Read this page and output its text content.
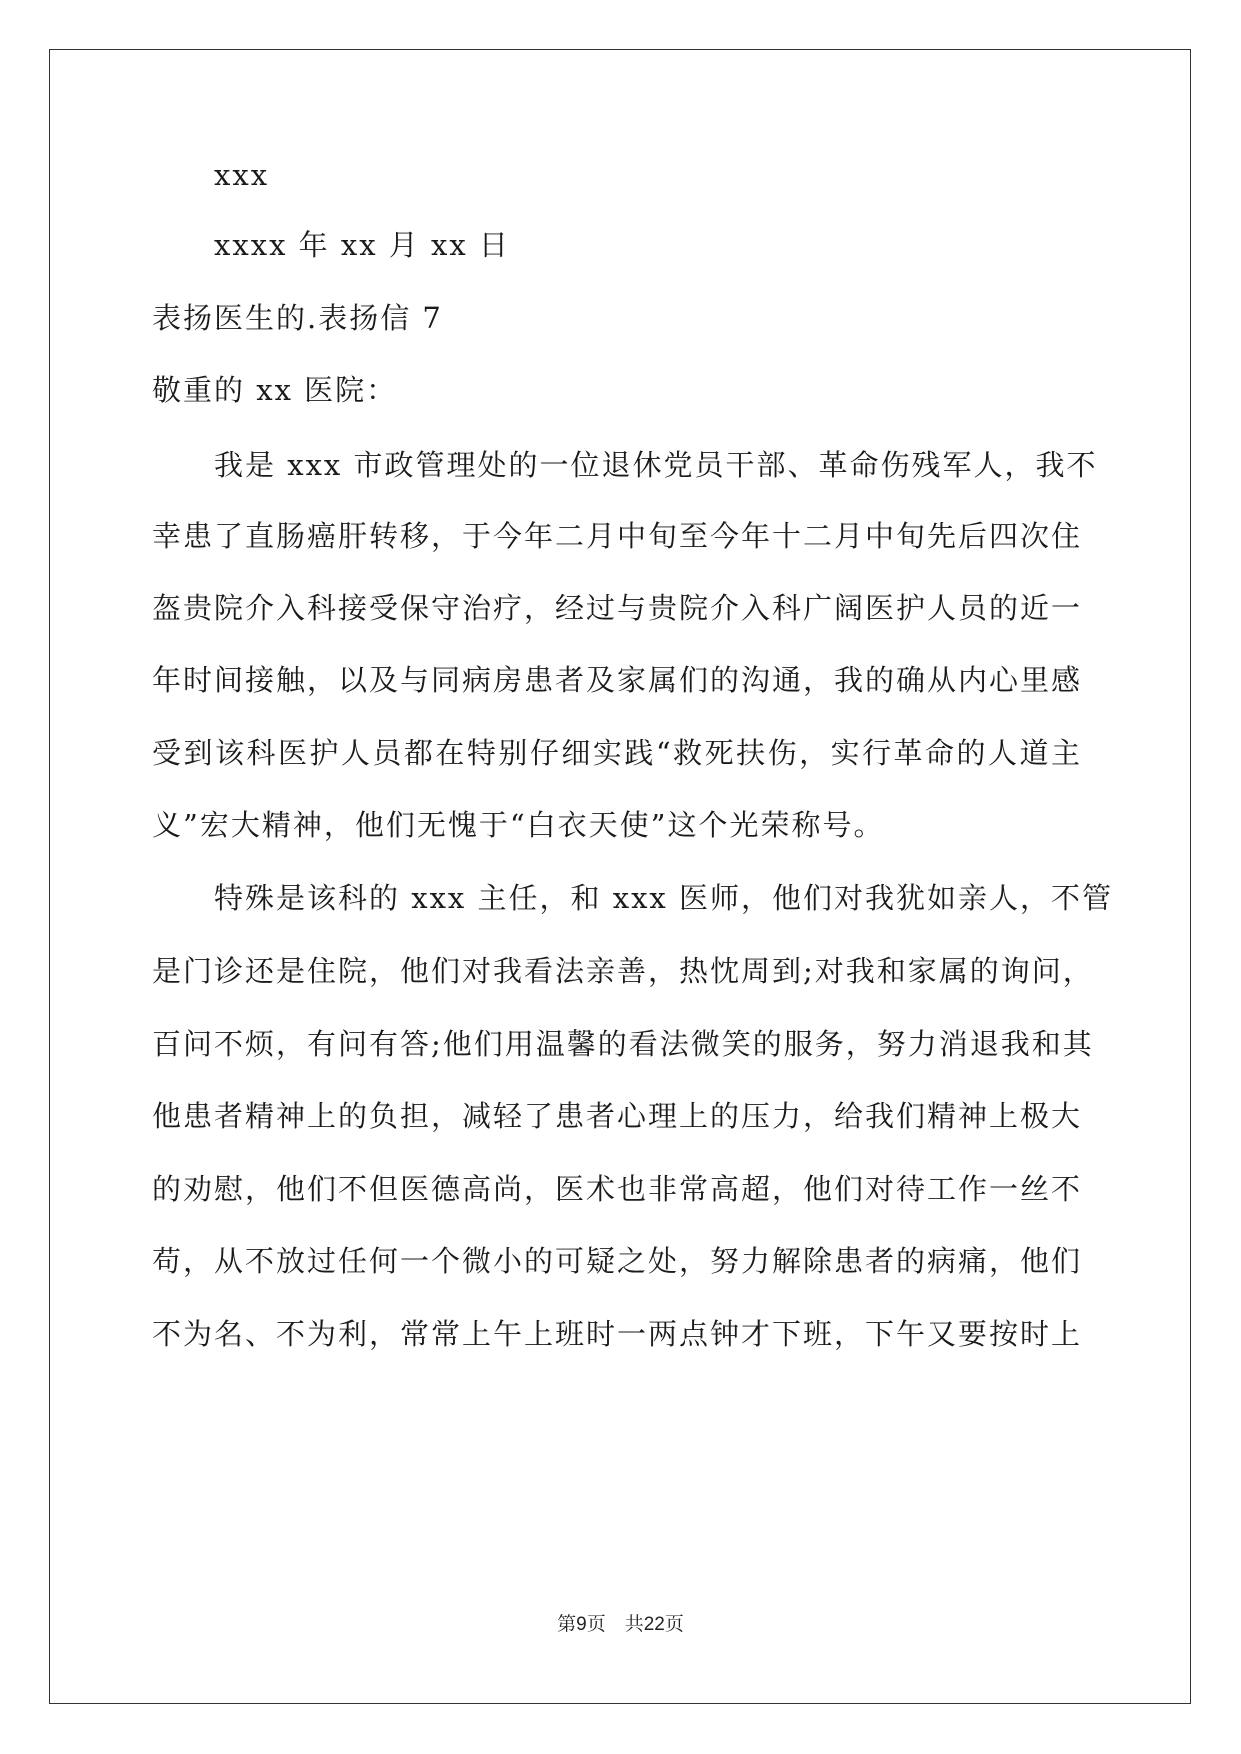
xxx
xxxx 年 xx 月 xx 日
表扬医生的.表扬信 7
敬重的 xx 医院：
我是 xxx 市政管理处的一位退休党员干部、革命伤残军人，我不
幸患了直肠癌肝转移，于今年二月中旬至今年十二月中旬先后四次住
盔贵院介入科接受保守治疗，经过与贵院介入科广阔医护人员的近一
年时间接触，以及与同病房患者及家属们的沟通，我的确从内心里感
受到该科医护人员都在特别仔细实践“救死扶伤，实行革命的人道主
义”宏大精神，他们无愧于“白衣天使”这个光荣称号。
特殊是该科的 xxx 主任，和 xxx 医师，他们对我犹如亲人，不管
是门诊还是住院，他们对我看法亲善，热忱周到;对我和家属的询问，
百问不烦，有问有答;他们用温馨的看法微笑的服务，努力消退我和其
他患者精神上的负担，减轻了患者心理上的压力，给我们精神上极大
的劝慰，他们不但医德高尚，医术也非常高超，他们对待工作一丝不
苟，从不放过任何一个微小的可疑之处，努力解除患者的病痛，他们
不为名、不为利，常常上午上班时一两点钟才下班，下午又要按时上
第9页　共22页
